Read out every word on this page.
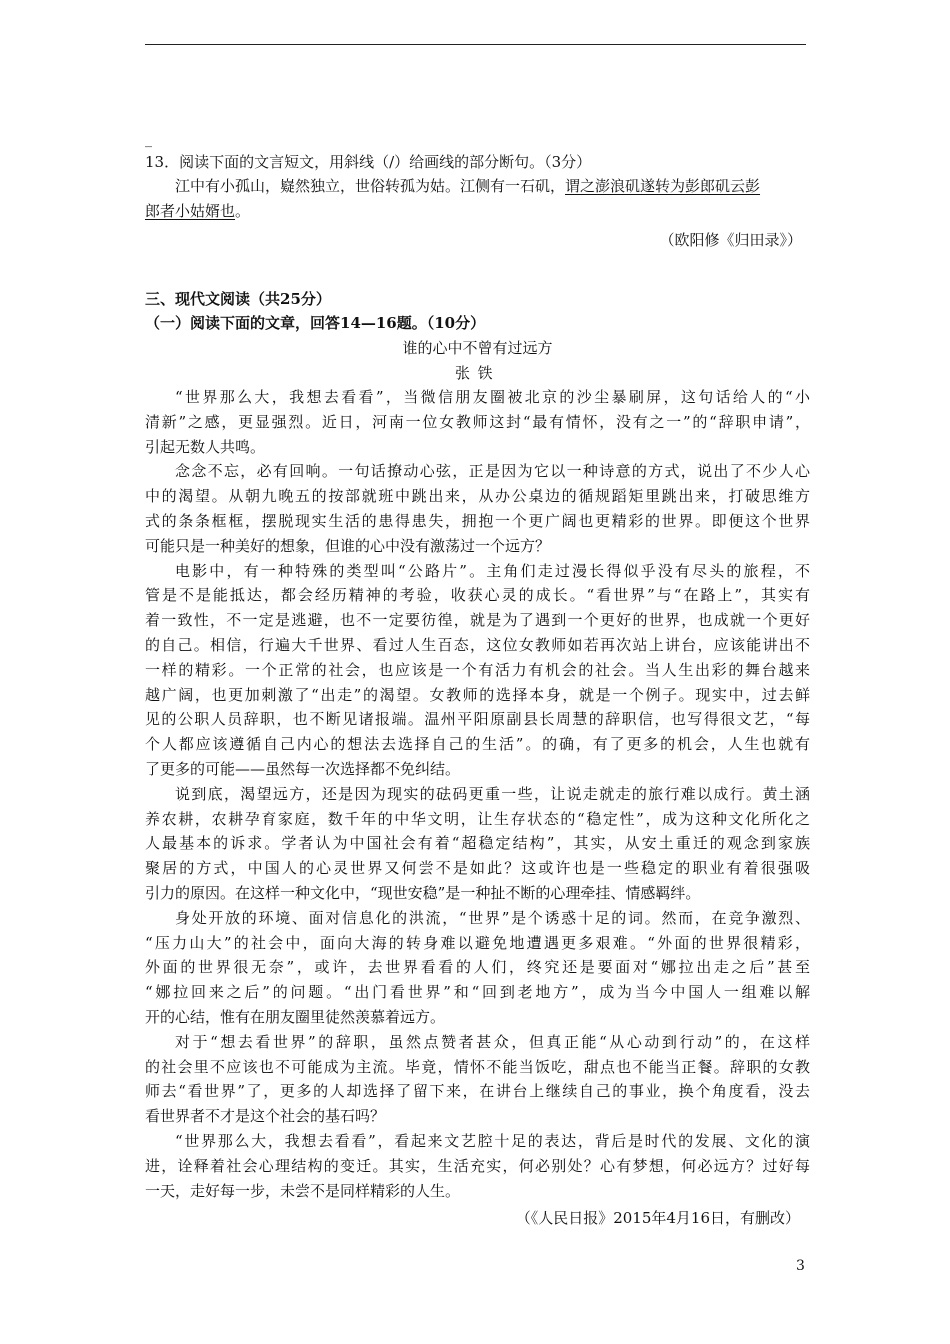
_
13．阅读下面的文言短文，用斜线（/）给画线的部分断句。（3分）
江中有小孤山，嶷然独立，世俗转孤为姑。江侧有一石矶，谓之澎浪矶遂转为彭郎矶云彭
郎者小姑婿也。
（欧阳修《归田录》）
三、现代文阅读（共25分）
（一）阅读下面的文章，回答14—16题。（10分）
谁的心中不曾有过远方
张铁

“世界那么大，我想去看看”，当微信朋友圈被北京的沙尘暴刷屏，这句话给人的“小

清新”之感，更显强烈。近日，河南一位女教师这封“最有情怀，没有之一”的“辞职申请”，

引起无数人共鸣。

念念不忘，必有回响。一句话撩动心弦，正是因为它以一种诗意的方式，说出了不少人心

中的渴望。从朝九晚五的按部就班中跳出来，从办公桌边的循规蹈矩里跳出来，打破思维方

式的条条框框，摆脱现实生活的患得患失，拥抱一个更广阔也更精彩的世界。即便这个世界

可能只是一种美好的想象，但谁的心中没有激荡过一个远方？

电影中，有一种特殊的类型叫“公路片”。主角们走过漫长得似乎没有尽头的旅程，不

管是不是能抵达，都会经历精神的考验，收获心灵的成长。“看世界”与“在路上”，其实有

着一致性，不一定是逃避，也不一定要彷徨，就是为了遇到一个更好的世界，也成就一个更好

的自己。相信，行遍大千世界、看过人生百态，这位女教师如若再次站上讲台，应该能讲出不

一样的精彩。一个正常的社会，也应该是一个有活力有机会的社会。当人生出彩的舞台越来

越广阔，也更加刺激了“出走”的渴望。女教师的选择本身，就是一个例子。现实中，过去鲜

见的公职人员辞职，也不断见诸报端。温州平阳原副县长周慧的辞职信，也写得很文艺，“每

个人都应该遵循自己内心的想法去选择自己的生活”。的确，有了更多的机会，人生也就有

了更多的可能——虽然每一次选择都不免纠结。

说到底，渴望远方，还是因为现实的砝码更重一些，让说走就走的旅行难以成行。黄土涵

养农耕，农耕孕育家庭，数千年的中华文明，让生存状态的“稳定性”，成为这种文化所化之

人最基本的诉求。学者认为中国社会有着“超稳定结构”，其实，从安土重迁的观念到家族

聚居的方式，中国人的心灵世界又何尝不是如此？这或许也是一些稳定的职业有着很强吸

引力的原因。在这样一种文化中，“现世安稳”是一种扯不断的心理牵挂、情感羁绊。

身处开放的环境、面对信息化的洪流，“世界”是个诱惑十足的词。然而，在竞争激烈、

“压力山大”的社会中，面向大海的转身难以避免地遭遇更多艰难。“外面的世界很精彩，

外面的世界很无奈”，或许，去世界看看的人们，终究还是要面对“娜拉出走之后”甚至

“娜拉回来之后”的问题。“出门看世界”和“回到老地方”，成为当今中国人一组难以解

开的心结，惟有在朋友圈里徒然羡慕着远方。

对于“想去看世界”的辞职，虽然点赞者甚众，但真正能“从心动到行动”的，在这样

的社会里不应该也不可能成为主流。毕竟，情怀不能当饭吃，甜点也不能当正餐。辞职的女教

师去“看世界”了，更多的人却选择了留下来，在讲台上继续自己的事业，换个角度看，没去

看世界者不才是这个社会的基石吗？

“世界那么大，我想去看看”，看起来文艺腔十足的表达，背后是时代的发展、文化的演

进，诠释着社会心理结构的变迁。其实，生活充实，何必别处？心有梦想，何必远方？过好每

一天，走好每一步，未尝不是同样精彩的人生。

（《人民日报》2015年4月16日，有删改）
3
